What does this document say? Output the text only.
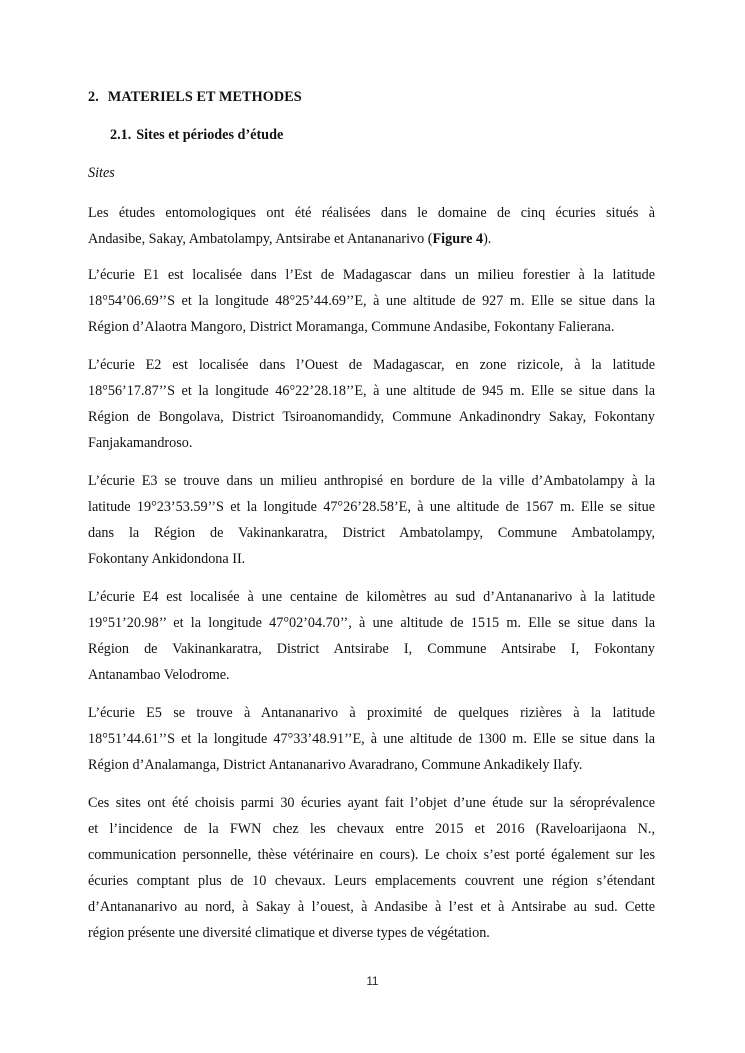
2. MATERIELS ET METHODES
2.1. Sites et périodes d’étude
Sites
Les études entomologiques ont été réalisées dans le domaine de cinq écuries situés à
Andasibe, Sakay, Ambatolampy, Antsirabe et Antananarivo (Figure 4).
L’écurie E1 est localisée dans l’Est de Madagascar dans un milieu forestier à la latitude
18°54’06.69’’S et la longitude 48°25’44.69’’E, à une altitude de 927 m. Elle se situe dans la
Région d’Alaotra Mangoro, District Moramanga, Commune Andasibe, Fokontany Falierana.
L’écurie E2 est localisée dans l’Ouest de Madagascar, en zone rizicole, à la latitude
18°56’17.87’’S et la longitude 46°22’28.18’’E, à une altitude de 945 m. Elle se situe dans la
Région de Bongolava, District Tsiroanomandidy, Commune Ankadinondry Sakay, Fokontany
Fanjakamandroso.
L’écurie E3 se trouve dans un milieu anthropisé en bordure de la ville d’Ambatolampy à la
latitude 19°23’53.59’’S et la longitude 47°26’28.58’E, à une altitude de 1567 m. Elle se situe
dans la Région de Vakinankaratra, District Ambatolampy, Commune Ambatolampy,
Fokontany Ankidondona II.
L’écurie E4 est localisée à une centaine de kilomètres au sud d’Antananarivo à la latitude
19°51’20.98’’ et la longitude 47°02’04.70’’, à une altitude de 1515 m. Elle se situe dans la
Région de Vakinankaratra, District Antsirabe I, Commune Antsirabe I, Fokontany
Antanambao Velodrome.
L’écurie E5 se trouve à Antananarivo à proximité de quelques rizières à la latitude
18°51’44.61’’S et la longitude 47°33’48.91’’E, à une altitude de 1300 m. Elle se situe dans la
Région d’Analamanga, District Antananarivo Avaradrano, Commune Ankadikely Ilafy.
Ces sites ont été choisis parmi 30 écuries ayant fait l’objet d’une étude sur la séroprévalence
et l’incidence de la FWN chez les chevaux entre 2015 et 2016 (Raveloarijaona N.,
communication personnelle, thèse vétérinaire en cours). Le choix s’est porté également sur les
écuries comptant plus de 10 chevaux. Leurs emplacements couvrent une région s’étendant
d’Antananarivo au nord, à Sakay à l’ouest, à Andasibe à l’est et à Antsirabe au sud. Cette
région présente une diversité climatique et diverse types de végétation.
11
